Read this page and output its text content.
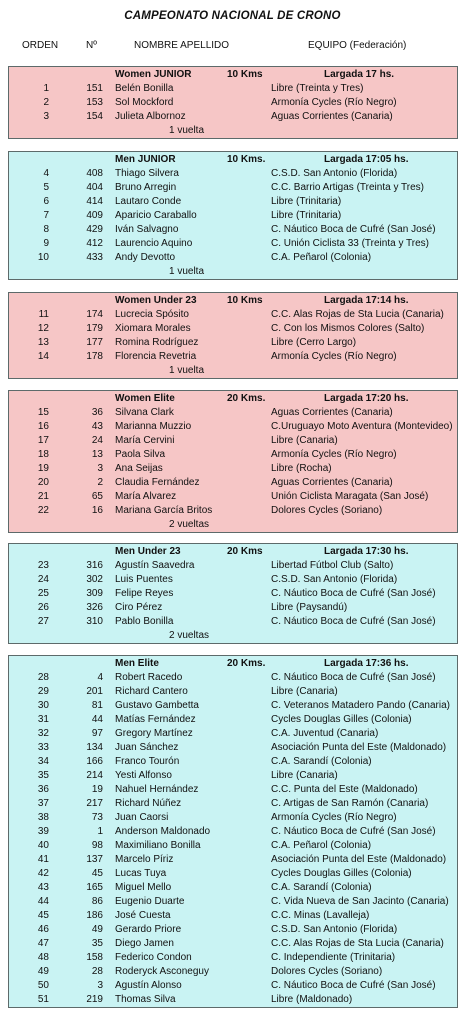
CAMPEONATO NACIONAL DE CRONO
ORDEN	Nº	NOMBRE APELLIDO	EQUIPO (Federación)
Women JUNIOR	10 Kms	Largada 17 hs.
1	151 Belén Bonilla	Libre (Treinta y Tres)
2	153 Sol Mockford	Armonía Cycles (Río Negro)
3	154 Julieta Albornoz	Aguas Corrientes (Canaria)
1 vuelta
Men JUNIOR	10 Kms.	Largada 17:05 hs.
4	408 Thiago Silvera	C.S.D. San Antonio (Florida)
5	404 Bruno Arregin	C.C. Barrio Artigas (Treinta y Tres)
6	414 Lautaro Conde	Libre (Trinitaria)
7	409 Aparicio Caraballo	Libre (Trinitaria)
8	429 Iván Salvagno	C. Náutico Boca de Cufré (San José)
9	412 Laurencio Aquino	C. Unión Ciclista 33 (Treinta y Tres)
10	433 Andy Devotto	C.A. Peñarol (Colonia)
1 vuelta
Women Under 23	10 Kms	Largada 17:14 hs.
11	174 Lucrecia Spósito	C.C. Alas Rojas de Sta Lucia (Canaria)
12	179 Xiomara Morales	C. Con los Mismos Colores (Salto)
13	177 Romina Rodríguez	Libre (Cerro Largo)
14	178 Florencia Revetria	Armonía Cycles (Río Negro)
1 vuelta
Women Elite	20 Kms.	Largada 17:20 hs.
15	36 Silvana Clark	Aguas Corrientes (Canaria)
16	43 Marianna Muzzio	C.Uruguayo Moto Aventura (Montevideo)
17	24 María Cervini	Libre (Canaria)
18	13 Paola Silva	Armonía Cycles (Río Negro)
19	3 Ana Seijas	Libre (Rocha)
20	2 Claudia Fernández	Aguas Corrientes (Canaria)
21	65 María Alvarez	Unión Ciclista Maragata (San José)
22	16 Mariana García Britos	Dolores Cycles (Soriano)
2 vueltas
Men Under 23	20 Kms	Largada 17:30 hs.
23	316 Agustín Saavedra	Libertad Fútbol Club (Salto)
24	302 Luis Puentes	C.S.D. San Antonio (Florida)
25	309 Felipe Reyes	C. Náutico Boca de Cufré (San José)
26	326 Ciro Pérez	Libre (Paysandú)
27	310 Pablo Bonilla	C. Náutico Boca de Cufré (San José)
2 vueltas
Men Elite	20 Kms.	Largada 17:36 hs.
28	4 Robert Racedo	C. Náutico Boca de Cufré (San José)
29	201 Richard Cantero	Libre (Canaria)
30	81 Gustavo Gambetta	C. Veteranos Matadero Pando (Canaria)
31	44 Matías Fernández	Cycles Douglas Gilles (Colonia)
32	97 Gregory Martínez	C.A. Juventud (Canaria)
33	134 Juan Sánchez	Asociación Punta del Este (Maldonado)
34	166 Franco Tourón	C.A. Sarandí (Colonia)
35	214 Yesti Alfonso	Libre (Canaria)
36	19 Nahuel Hernández	C.C. Punta del Este (Maldonado)
37	217 Richard Núñez	C. Artigas de San Ramón (Canaria)
38	73 Juan Caorsi	Armonía Cycles (Río Negro)
39	1 Anderson Maldonado	C. Náutico Boca de Cufré (San José)
40	98 Maximiliano Bonilla	C.A. Peñarol (Colonia)
41	137 Marcelo Píriz	Asociación Punta del Este (Maldonado)
42	45 Lucas Tuya	Cycles Douglas Gilles (Colonia)
43	165 Miguel Mello	C.A. Sarandí (Colonia)
44	86 Eugenio Duarte	C. Vida Nueva de San Jacinto (Canaria)
45	186 José Cuesta	C.C. Minas (Lavalleja)
46	49 Gerardo Priore	C.S.D. San Antonio (Florida)
47	35 Diego Jamen	C.C. Alas Rojas de Sta Lucia (Canaria)
48	158 Federico Condon	C. Independiente (Trinitaria)
49	28 Roderyck Asconeguy	Dolores Cycles (Soriano)
50	3 Agustín Alonso	C. Náutico Boca de Cufré (San José)
51	219 Thomas Silva	Libre (Maldonado)
